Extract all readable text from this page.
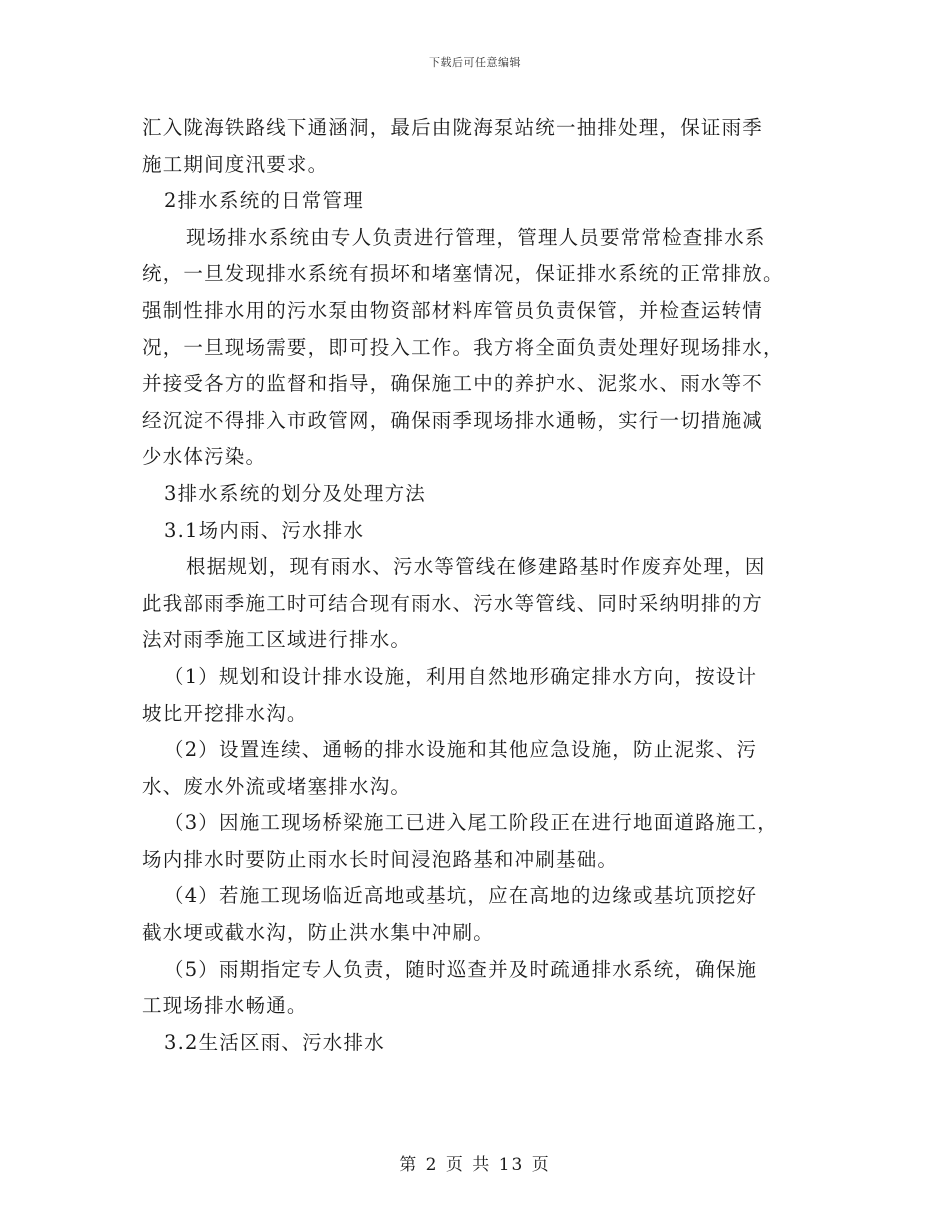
下载后可任意编辑
汇入陇海铁路线下通涵洞，最后由陇海泵站统一抽排处理，保证雨季
施工期间度汛要求。
2排水系统的日常管理
现场排水系统由专人负责进行管理，管理人员要常常检查排水系
统，一旦发现排水系统有损坏和堵塞情况，保证排水系统的正常排放。
强制性排水用的污水泵由物资部材料库管员负责保管，并检查运转情
况，一旦现场需要，即可投入工作。我方将全面负责处理好现场排水，
并接受各方的监督和指导，确保施工中的养护水、泥浆水、雨水等不
经沉淀不得排入市政管网，确保雨季现场排水通畅，实行一切措施减
少水体污染。
3排水系统的划分及处理方法
3.1场内雨、污水排水
根据规划，现有雨水、污水等管线在修建路基时作废弃处理，因
此我部雨季施工时可结合现有雨水、污水等管线、同时采纳明排的方
法对雨季施工区域进行排水。
（1）规划和设计排水设施，利用自然地形确定排水方向，按设计
坡比开挖排水沟。
（2）设置连续、通畅的排水设施和其他应急设施，防止泥浆、污
水、废水外流或堵塞排水沟。
（3）因施工现场桥梁施工已进入尾工阶段正在进行地面道路施工，
场内排水时要防止雨水长时间浸泡路基和冲刷基础。
（4）若施工现场临近高地或基坑，应在高地的边缘或基坑顶挖好
截水埂或截水沟，防止洪水集中冲刷。
（5）雨期指定专人负责，随时巡查并及时疏通排水系统，确保施
工现场排水畅通。
3.2生活区雨、污水排水
第 2 页 共 13 页
